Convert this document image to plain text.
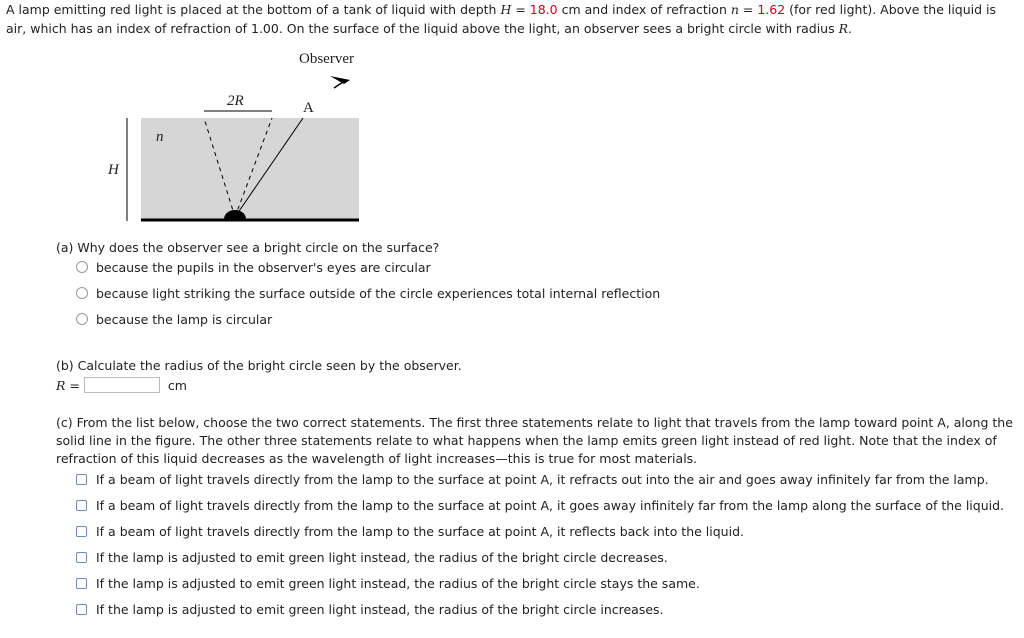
A lamp emitting red light is placed at the bottom of a tank of liquid with depth H = 18.0 cm and index of refraction n = 1.62 (for red light). Above the liquid is air, which has an index of refraction of 1.00. On the surface of the liquid above the light, an observer sees a bright circle with radius R.
Observer
2R	A
n
H
(a) Why does the observer see a bright circle on the surface?
because the pupils in the observer's eyes are circular
because light striking the surface outside of the circle experiences total internal reflection
because the lamp is circular
(b) Calculate the radius of the bright circle seen by the observer.
R =	cm
(c) From the list below, choose the two correct statements. The first three statements relate to light that travels from the lamp toward point A, along the solid line in the figure. The other three statements relate to what happens when the lamp emits green light instead of red light. Note that the index of refraction of this liquid decreases as the wavelength of light increases—this is true for most materials.
If a beam of light travels directly from the lamp to the surface at point A, it refracts out into the air and goes away infinitely far from the lamp.
If a beam of light travels directly from the lamp to the surface at point A, it goes away infinitely far from the lamp along the surface of the liquid.
If a beam of light travels directly from the lamp to the surface at point A, it reflects back into the liquid.
If the lamp is adjusted to emit green light instead, the radius of the bright circle decreases.
If the lamp is adjusted to emit green light instead, the radius of the bright circle stays the same.
If the lamp is adjusted to emit green light instead, the radius of the bright circle increases.
